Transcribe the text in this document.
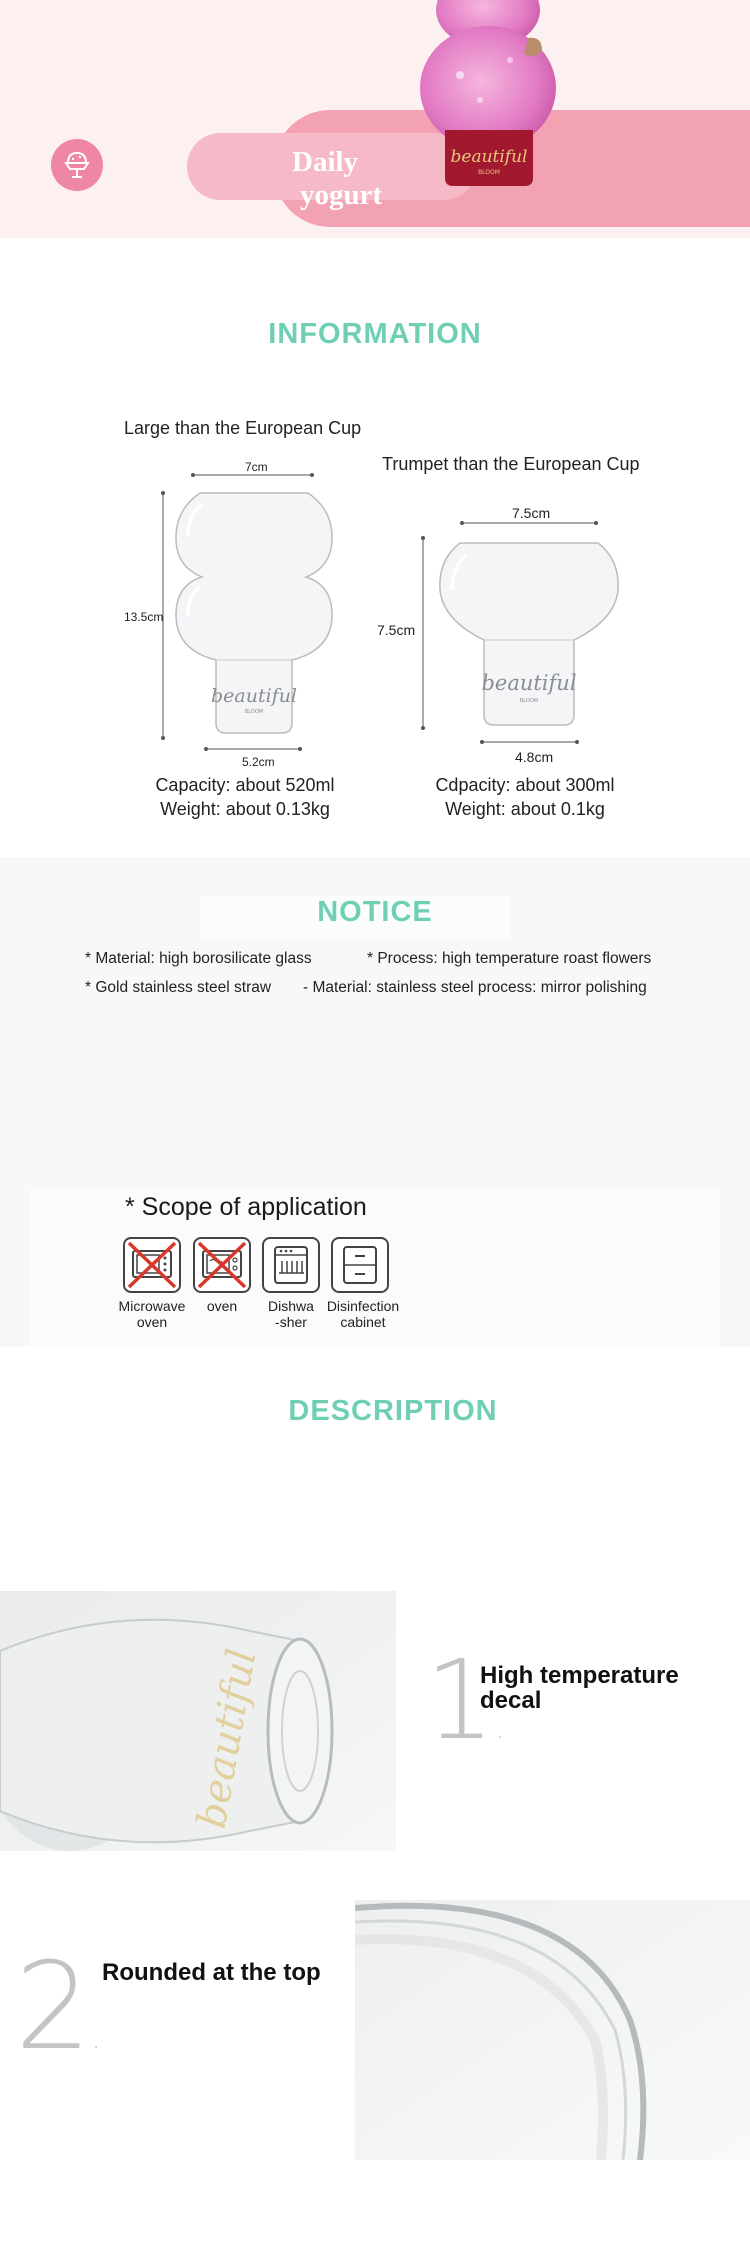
Daily
yogurt
beautiful
BLOOM
INFORMATION
Large than the European Cup
Trumpet than the European Cup
beautiful
BLOOM
7cm
13.5cm
5.2cm
beautiful
BLOOM
7.5cm
7.5cm
4.8cm
Capacity: about 520ml
Weight: about 0.13kg
Cdpacity: about 300ml
Weight: about 0.1kg
NOTICE
* Material: high borosilicate glass	* Process: high temperature roast flowers
* Gold stainless steel straw - Material: stainless steel process: mirror polishing
* Scope of application
Microwave
oven
oven	Dishwa
-sher
Disinfection
cabinet
DESCRIPTION
beautiful 1.
High temperature
decal
2.
Rounded at the top
